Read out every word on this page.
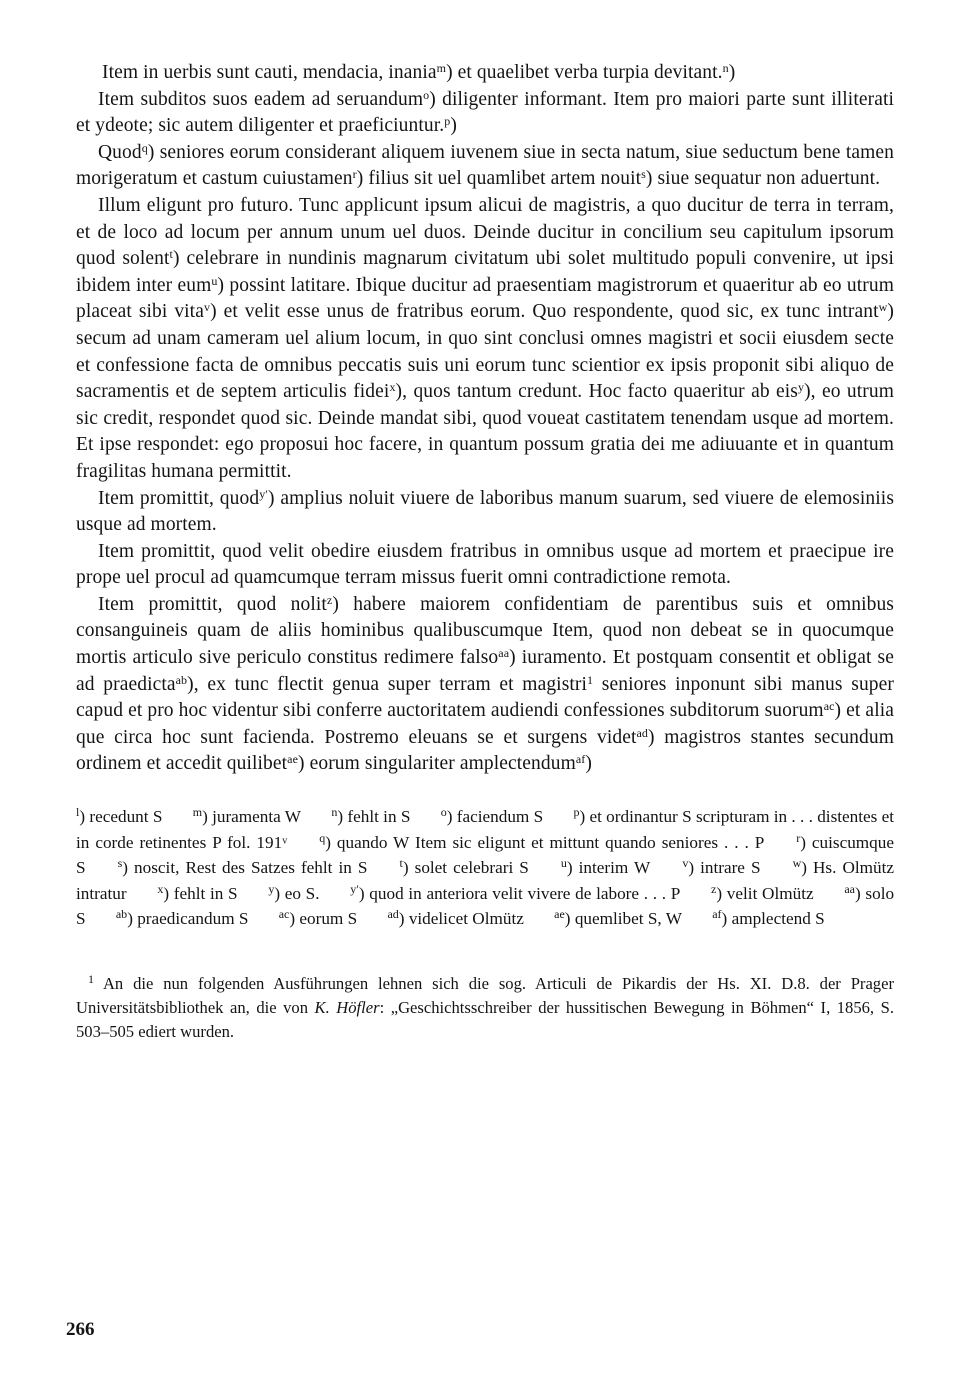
Item in uerbis sunt cauti, mendacia, inania$^m$) et quaelibet verba turpia devitant.$^n$)

Item subditos suos eadem ad seruandum$^o$) diligenter informant. Item pro maiori parte sunt illiterati et ydeote; sic autem diligenter et praeficiuntur.$^p$)

Quod$^q$) seniores eorum considerant aliquem iuvenem siue in secta natum, siue seductum bene tamen morigeratum et castum cuiustamen$^r$) filius sit uel quamlibet artem nouit$^s$) siue sequatur non aduertunt.

Illum eligunt pro futuro. Tunc applicunt ipsum alicui de magistris, a quo ducitur de terra in terram, et de loco ad locum per annum unum uel duos. Deinde ducitur in concilium seu capitulum ipsorum quod solent$^t$) celebrare in nundinis magnarum civitatum ubi solet multitudo populi convenire, ut ipsi ibidem inter eum$^u$) possint latitare. Ibique ducitur ad praesentiam magistrorum et quaeritur ab eo utrum placeat sibi vita$^v$) et velit esse unus de fratribus eorum. Quo respondente, quod sic, ex tunc intrant$^w$) secum ad unam cameram uel alium locum, in quo sint conclusi omnes magistri et socii eiusdem secte et confessione facta de omnibus peccatis suis uni eorum tunc scientior ex ipsis proponit sibi aliquo de sacramentis et de septem articulis fidei$^x$), quos tantum credunt. Hoc facto quaeritur ab eis$^y$), eo utrum sic credit, respondet quod sic. Deinde mandat sibi, quod voueat castitatem tenendam usque ad mortem. Et ipse respondet: ego proposui hoc facere, in quantum possum gratia dei me adiuuante et in quantum fragilitas humana permittit.

Item promittit, quod$^{y'}$) amplius noluit viuere de laboribus manum suarum, sed viuere de elemosiniis usque ad mortem.

Item promittit, quod velit obedire eiusdem fratribus in omnibus usque ad mortem et praecipue ire prope uel procul ad quamcumque terram missus fuerit omni contradictione remota.

Item promittit, quod nolit$^z$) habere maiorem confidentiam de parentibus suis et omnibus consanguineis quam de aliis hominibus qualibuscumque Item, quod non debeat se in quocumque mortis articulo sive periculo constitus redimere falso$^{aa}$) iuramento. Et postquam consentit et obligat se ad praedicta$^{ab}$), ex tunc flectit genua super terram et magistri$^1$ seniores inponunt sibi manus super capud et pro hoc videntur sibi conferre auctoritatem audiendi confessiones subditorum suorum$^{ac}$) et alia que circa hoc sunt facienda. Postremo eleuans se et surgens videt$^{ad}$) magistros stantes secundum ordinem et accedit quilibet$^{ae}$) eorum singulariter amplectendum$^{af}$)

$^l$) recedunt S	$^m$) juramenta W	$^n$) fehlt in S	$^o$) faciendum S	$^p$) et ordinantur S scripturam in . . . distentes et in corde retinentes P fol. 191ᵛ	$^q$) quando W Item sic eligunt et mittunt quando seniores . . . P	$^r$) cuiscumque S	$^s$) noscit, Rest des Satzes fehlt in S	$^t$) solet celebrari S	$^u$) interim W	$^v$) intrare S	$^w$) Hs. Olmütz intratur	$^x$) fehlt in S	$^y$) eo S.	$^{y'}$) quod in anteriora velit vivere de labore . . . P	$^z$) velit Olmütz	$^{aa}$) solo S	$^{ab}$) praedicandum S	$^{ac}$) eorum S	$^{ad}$) videlicet Olmütz	$^{ae}$) quemlibet S, W	$^{af}$) amplectend S
$^1$ An die nun folgenden Ausführungen lehnen sich die sog. Articuli de Pikardis der Hs. XI. D.8. der Prager Universitätsbibliothek an, die von K. Höfler: „Geschichtsschreiber der hussitischen Bewegung in Böhmen“ I, 1856, S. 503–505 ediert wurden.
266
